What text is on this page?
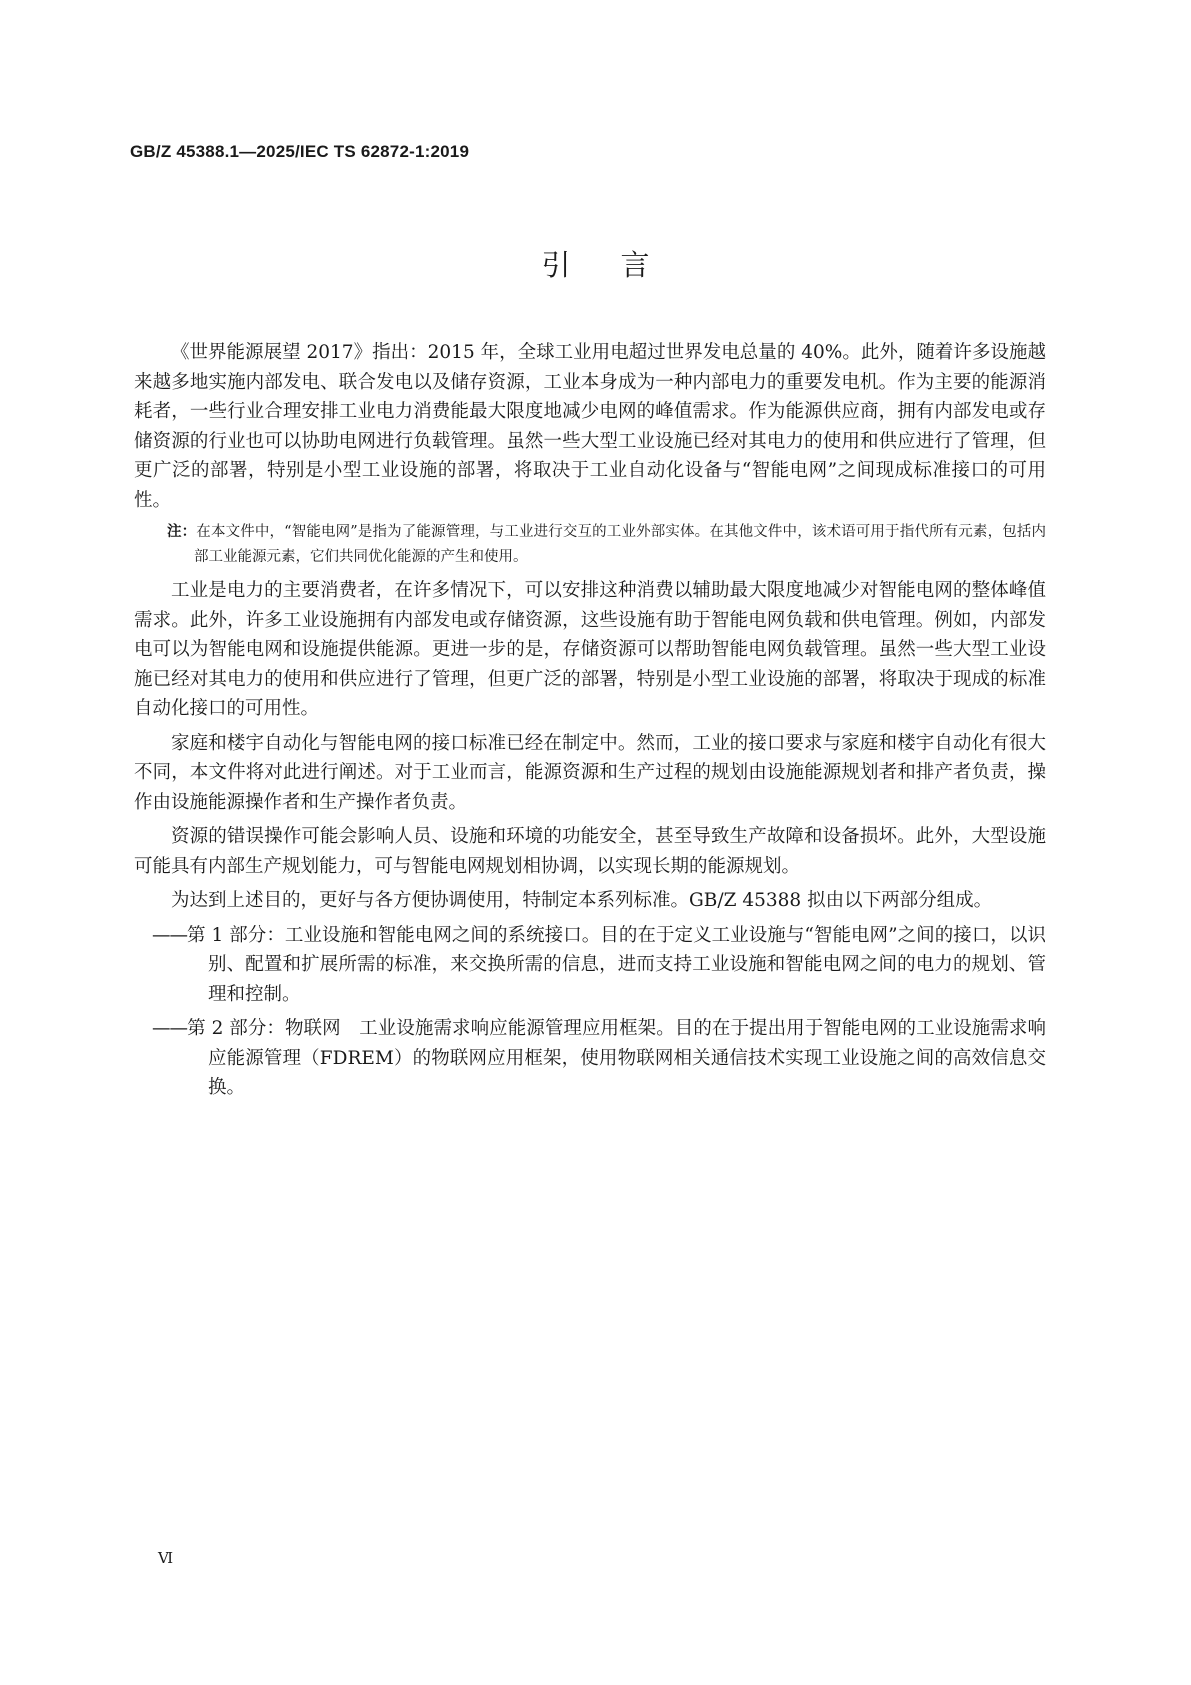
GB/Z 45388.1—2025/IEC TS 62872-1:2019
引言

《世界能源展望 2017》指出：2015 年，全球工业用电超过世界发电总量的 40%。此外，随着许多设施越来越多地实施内部发电、联合发电以及储存资源，工业本身成为一种内部电力的重要发电机。作为主要的能源消耗者，一些行业合理安排工业电力消费能最大限度地减少电网的峰值需求。作为能源供应商，拥有内部发电或存储资源的行业也可以协助电网进行负载管理。虽然一些大型工业设施已经对其电力的使用和供应进行了管理，但更广泛的部署，特别是小型工业设施的部署，将取决于工业自动化设备与“智能电网”之间现成标准接口的可用性。

注：在本文件中，“智能电网”是指为了能源管理，与工业进行交互的工业外部实体。在其他文件中，该术语可用于指代所有元素，包括内部工业能源元素，它们共同优化能源的产生和使用。

工业是电力的主要消费者，在许多情况下，可以安排这种消费以辅助最大限度地减少对智能电网的整体峰值需求。此外，许多工业设施拥有内部发电或存储资源，这些设施有助于智能电网负载和供电管理。例如，内部发电可以为智能电网和设施提供能源。更进一步的是，存储资源可以帮助智能电网负载管理。虽然一些大型工业设施已经对其电力的使用和供应进行了管理，但更广泛的部署，特别是小型工业设施的部署，将取决于现成的标准自动化接口的可用性。

家庭和楼宇自动化与智能电网的接口标准已经在制定中。然而，工业的接口要求与家庭和楼宇自动化有很大不同，本文件将对此进行阐述。对于工业而言，能源资源和生产过程的规划由设施能源规划者和排产者负责，操作由设施能源操作者和生产操作者负责。

资源的错误操作可能会影响人员、设施和环境的功能安全，甚至导致生产故障和设备损坏。此外，大型设施可能具有内部生产规划能力，可与智能电网规划相协调，以实现长期的能源规划。

为达到上述目的，更好与各方便协调使用，特制定本系列标准。GB/Z 45388 拟由以下两部分组成。

——第 1 部分：工业设施和智能电网之间的系统接口。目的在于定义工业设施与“智能电网”之间的接口，以识别、配置和扩展所需的标准，来交换所需的信息，进而支持工业设施和智能电网之间的电力的规划、管理和控制。
——第 2 部分：物联网　工业设施需求响应能源管理应用框架。目的在于提出用于智能电网的工业设施需求响应能源管理（FDREM）的物联网应用框架，使用物联网相关通信技术实现工业设施之间的高效信息交换。
Ⅵ
